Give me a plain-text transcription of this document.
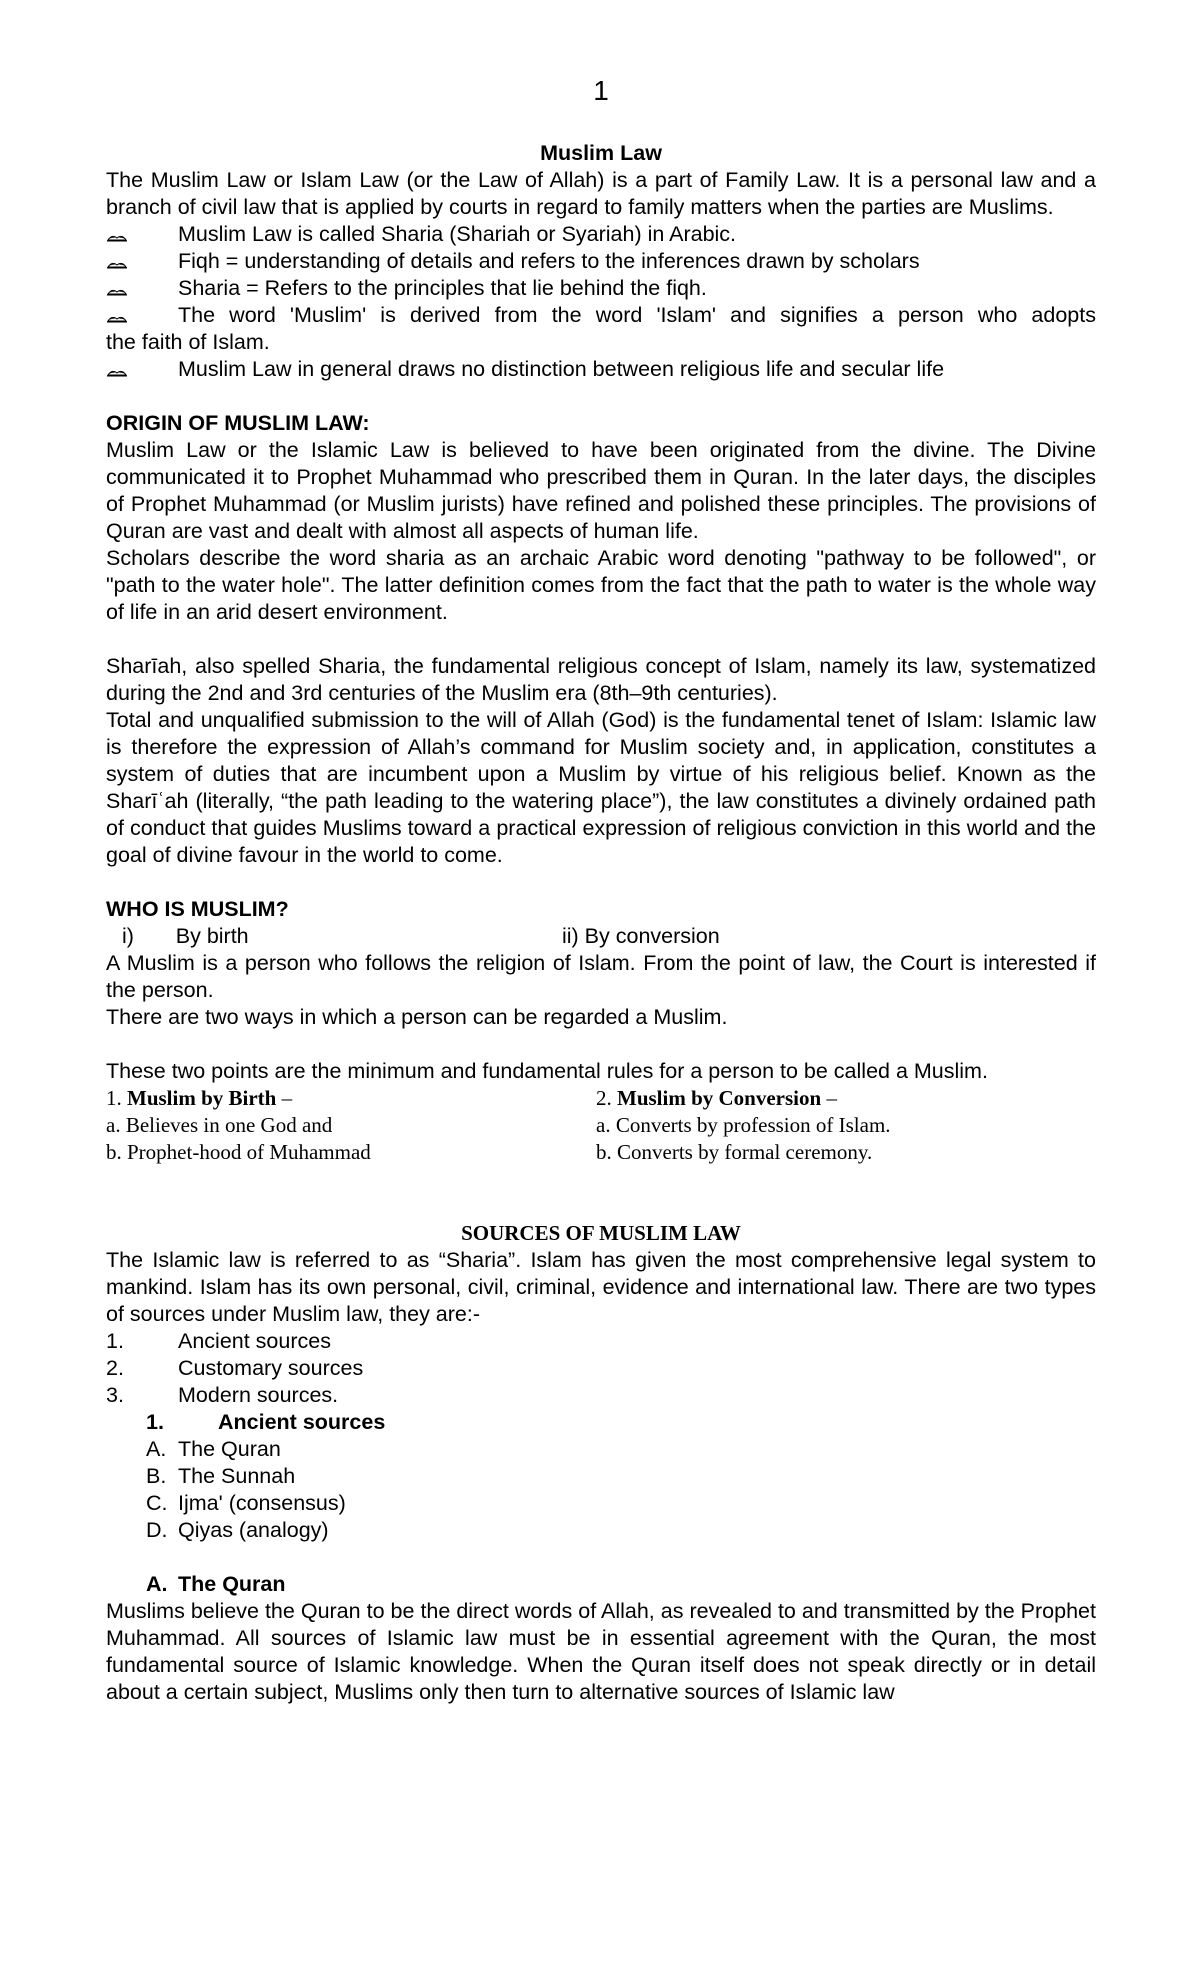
1
Muslim Law

The Muslim Law or Islam Law (or the Law of Allah) is a part of Family Law. It is a personal law and a branch of civil law that is applied by courts in regard to family matters when the parties are Muslims.

Muslim Law is called Sharia (Shariah or Syariah) in Arabic.
Fiqh = understanding of details and refers to the inferences drawn by scholars
Sharia = Refers to the principles that lie behind the fiqh.
The word 'Muslim' is derived from the word 'Islam' and signifies a person who adopts
the faith of Islam.
Muslim Law in general draws no distinction between religious life and secular life

ORIGIN OF MUSLIM LAW:

Muslim Law or the Islamic Law is believed to have been originated from the divine. The Divine communicated it to Prophet Muhammad who prescribed them in Quran. In the later days, the disciples of Prophet Muhammad (or Muslim jurists) have refined and polished these principles. The provisions of Quran are vast and dealt with almost all aspects of human life.

Scholars describe the word sharia as an archaic Arabic word denoting "pathway to be followed", or "path to the water hole". The latter definition comes from the fact that the path to water is the whole way of life in an arid desert environment.

Sharīah, also spelled Sharia, the fundamental religious concept of Islam, namely its law, systematized during the 2nd and 3rd centuries of the Muslim era (8th–9th centuries).

Total and unqualified submission to the will of Allah (God) is the fundamental tenet of Islam: Islamic law is therefore the expression of Allah’s command for Muslim society and, in application, constitutes a system of duties that are incumbent upon a Muslim by virtue of his religious belief. Known as the Sharīʿah (literally, “the path leading to the watering place”), the law constitutes a divinely ordained path of conduct that guides Muslims toward a practical expression of religious conviction in this world and the goal of divine favour in the world to come.

WHO IS MUSLIM?

i)       By birth	ii) By conversion

A Muslim is a person who follows the religion of Islam. From the point of law, the Court is interested if the person.

There are two ways in which a person can be regarded a Muslim.

These two points are the minimum and fundamental rules for a person to be called a Muslim.

1. Muslim by Birth –	2. Muslim by Conversion –
a. Believes in one God and	a. Converts by profession of Islam.
b. Prophet-hood of Muhammad	b. Converts by formal ceremony.
SOURCES OF MUSLIM LAW

The Islamic law is referred to as “Sharia”. Islam has given the most comprehensive legal system to mankind. Islam has its own personal, civil, criminal, evidence and international law. There are two types of sources under Muslim law, they are:-

1.	Ancient sources
2.	Customary sources
3.	Modern sources.
1.	Ancient sources
A. The Quran
B. The Sunnah
C. Ijma' (consensus)
D. Qiyas (analogy)
A. The Quran

Muslims believe the Quran to be the direct words of Allah, as revealed to and transmitted by the Prophet Muhammad. All sources of Islamic law must be in essential agreement with the Quran, the most fundamental source of Islamic knowledge. When the Quran itself does not speak directly or in detail about a certain subject, Muslims only then turn to alternative sources of Islamic law
